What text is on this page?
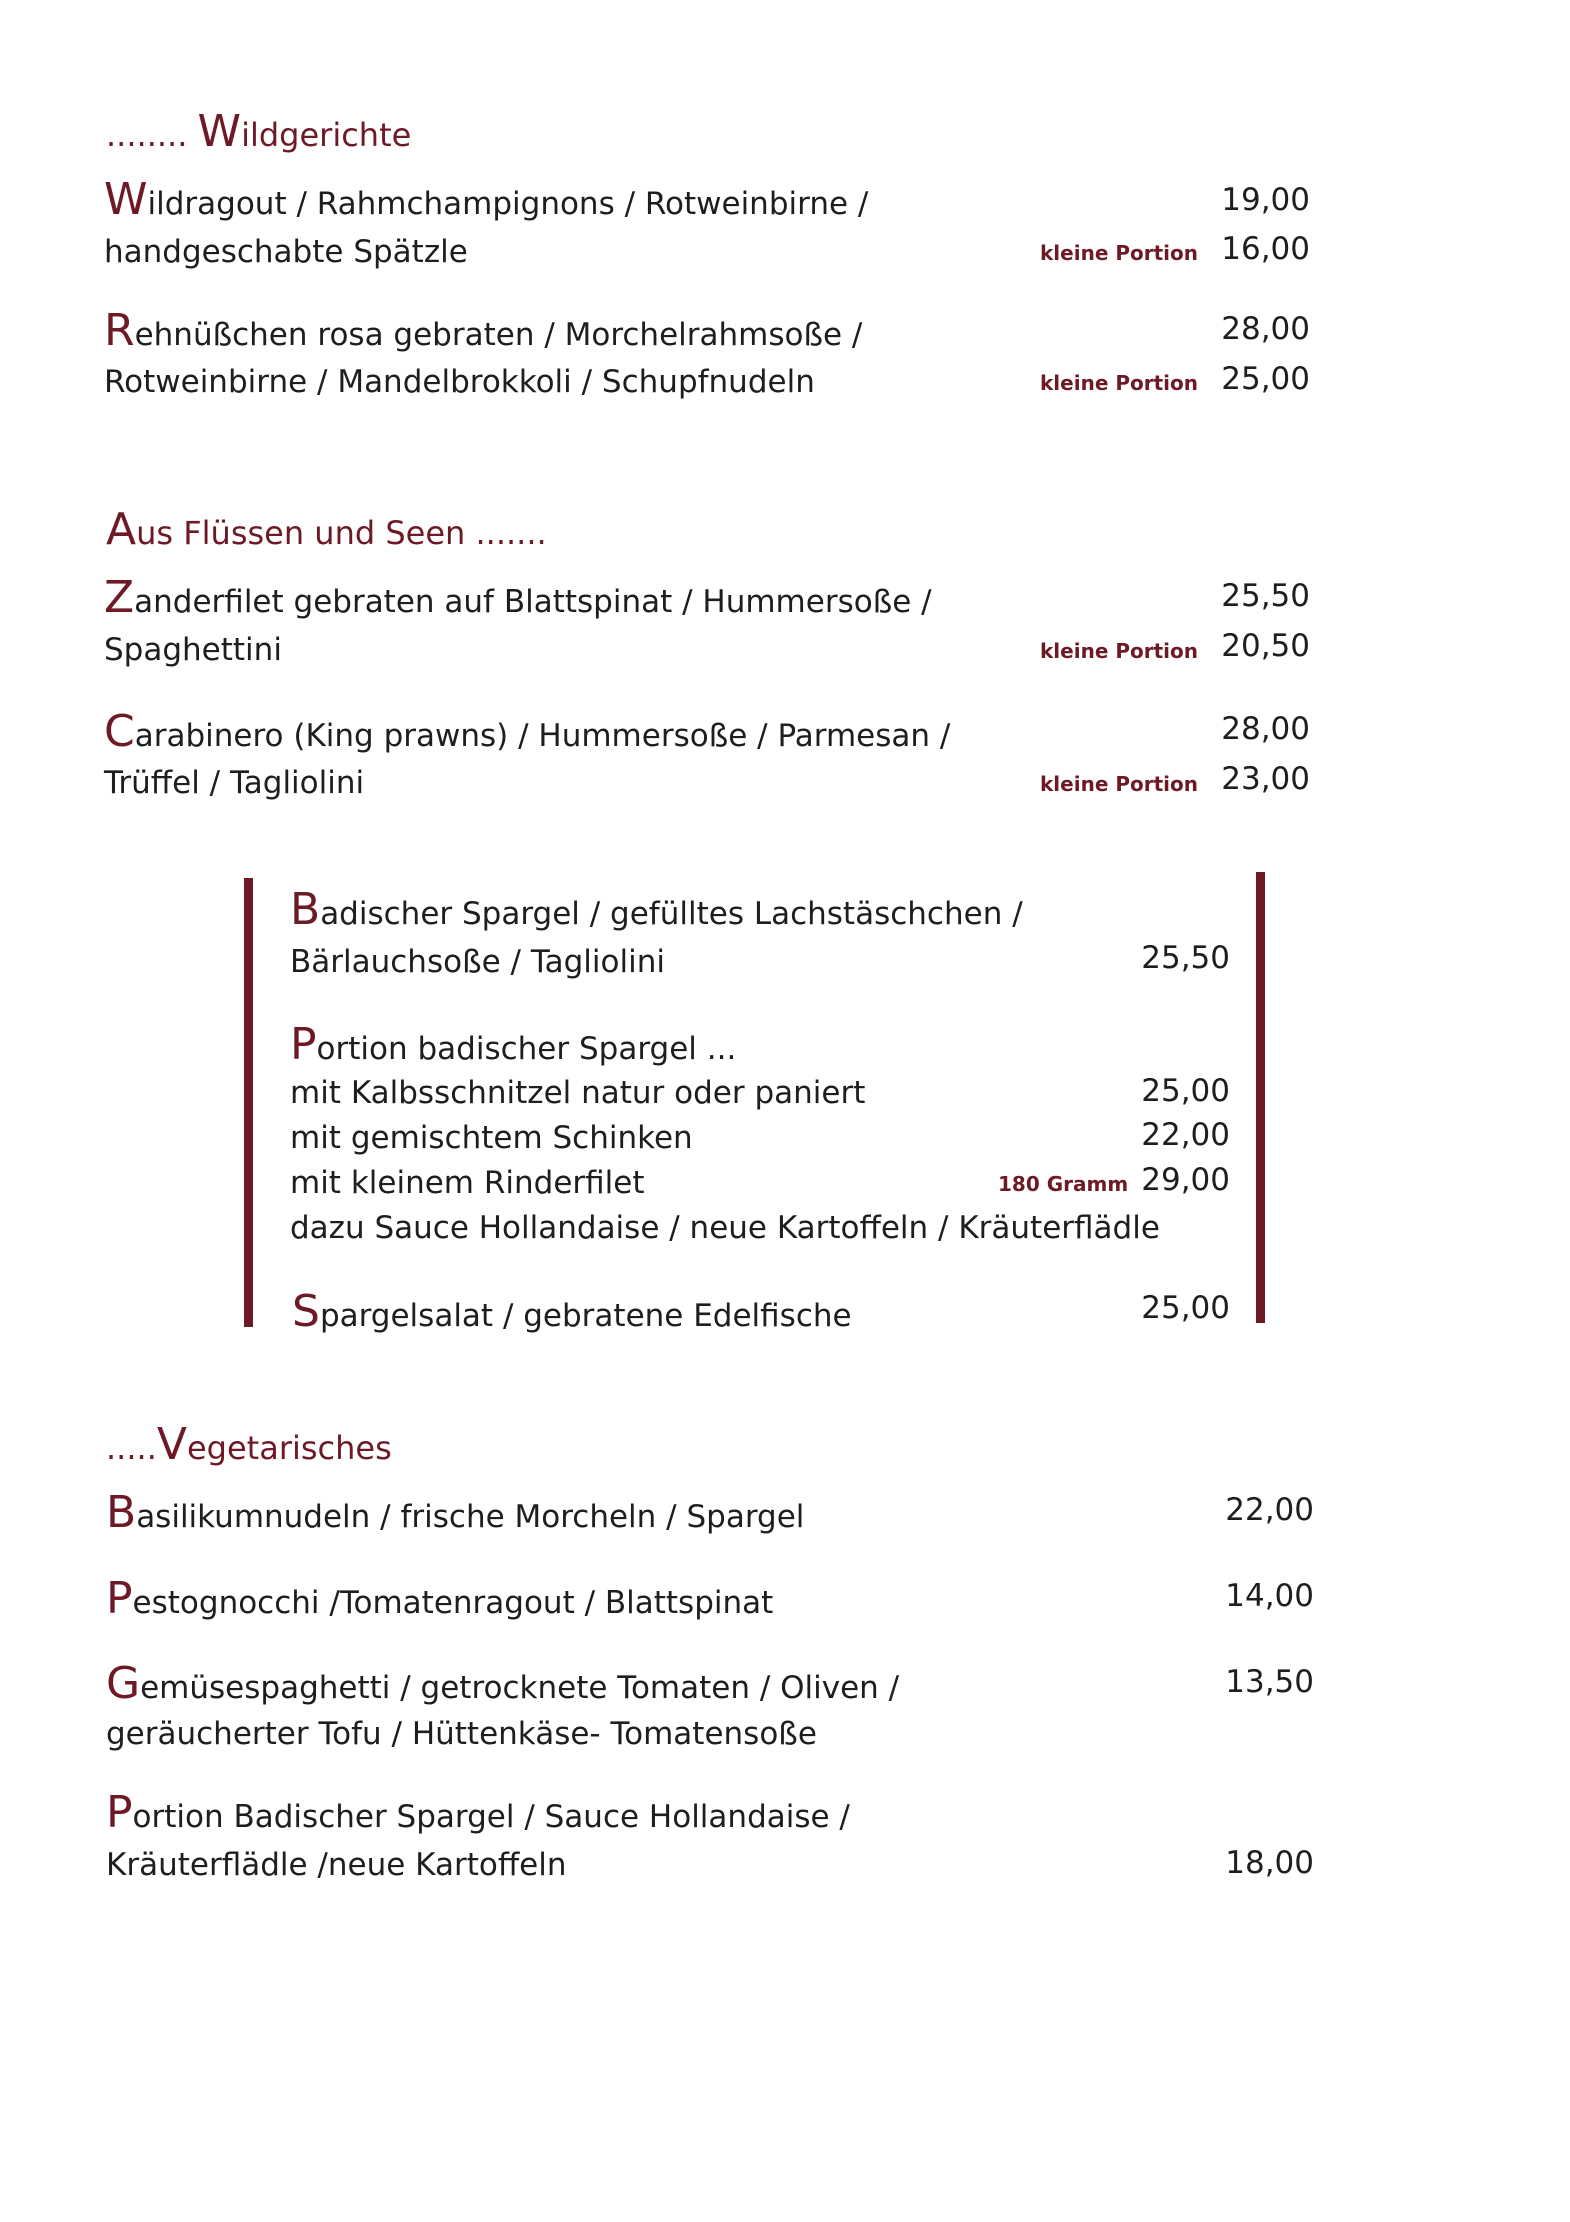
........ Wildgerichte
Wildragout / Rahmchampignons / Rotweinbirne /	19,00
handgeschabte Spätzle	kleine Portion 16,00
Rehnüßchen rosa gebraten / Morchelrahmsoße /	28,00
Rotweinbirne / Mandelbrokkoli / Schupfnudeln	kleine Portion 25,00
Aus Flüssen und Seen .......
Zanderfilet gebraten auf Blattspinat / Hummersoße /	25,50
Spaghettini	kleine Portion 20,50
Carabinero (King prawns) / Hummersoße / Parmesan /	28,00
Trüffel / Tagliolini	kleine Portion 23,00
Badischer Spargel / gefülltes Lachstäschchen /
Bärlauchsoße / Tagliolini	25,50
Portion badischer Spargel ...
mit Kalbsschnitzel natur oder paniert	25,00
mit gemischtem Schinken	22,00
mit kleinem Rinderfilet	180 Gramm 29,00
dazu Sauce Hollandaise / neue Kartoffeln / Kräuterflädle
Spargelsalat / gebratene Edelfische	25,00
.....Vegetarisches
Basilikumnudeln / frische Morcheln / Spargel	22,00
Pestognocchi /Tomatenragout / Blattspinat	14,00
Gemüsespaghetti / getrocknete Tomaten / Oliven /	13,50
geräucherter Tofu / Hüttenkäse- Tomatensoße
Portion Badischer Spargel / Sauce Hollandaise /
Kräuterflädle /neue Kartoffeln	18,00
